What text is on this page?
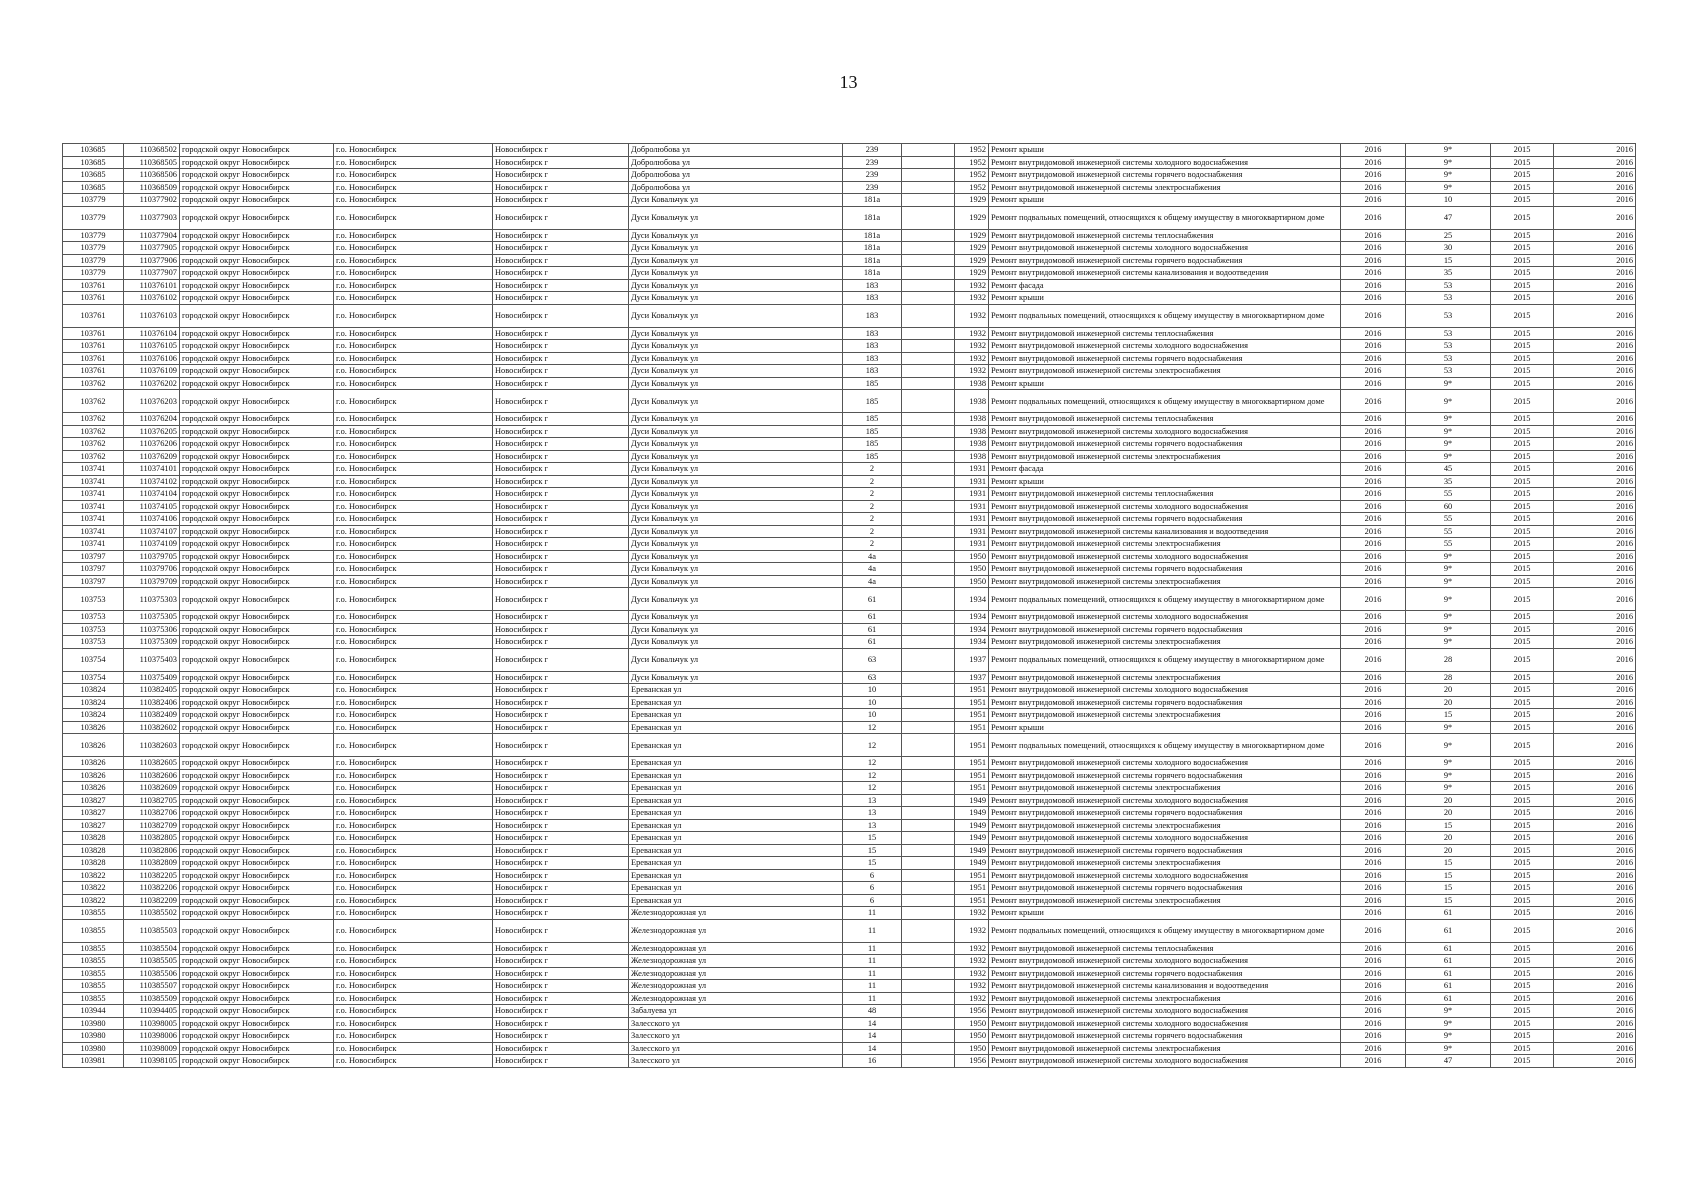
13
103685	110368502	городской округ Новосибирск	г.о. Новосибирск	Новосибирск г	Добролюбова ул	239		1952	Ремонт крыши	2016	9*	2015	2016
103685	110368505	городской округ Новосибирск	г.о. Новосибирск	Новосибирск г	Добролюбова ул	239		1952	Ремонт внутридомовой инженерной системы холодного водоснабжения	2016	9*	2015	2016
103685	110368506	городской округ Новосибирск	г.о. Новосибирск	Новосибирск г	Добролюбова ул	239		1952	Ремонт внутридомовой инженерной системы горячего водоснабжения	2016	9*	2015	2016
103685	110368509	городской округ Новосибирск	г.о. Новосибирск	Новосибирск г	Добролюбова ул	239		1952	Ремонт внутридомовой инженерной системы электроснабжения	2016	9*	2015	2016
103779	110377902	городской округ Новосибирск	г.о. Новосибирск	Новосибирск г	Дуси Ковальчук ул	181а		1929	Ремонт крыши	2016	10	2015	2016
103779	110377903	городской округ Новосибирск	г.о. Новосибирск	Новосибирск г	Дуси Ковальчук ул	181а		1929	Ремонт подвальных помещений, относящихся к общему имуществу в многоквартирном доме	2016	47	2015	2016
103779	110377904	городской округ Новосибирск	г.о. Новосибирск	Новосибирск г	Дуси Ковальчук ул	181а		1929	Ремонт внутридомовой инженерной системы теплоснабжения	2016	25	2015	2016
103779	110377905	городской округ Новосибирск	г.о. Новосибирск	Новосибирск г	Дуси Ковальчук ул	181а		1929	Ремонт внутридомовой инженерной системы холодного водоснабжения	2016	30	2015	2016
103779	110377906	городской округ Новосибирск	г.о. Новосибирск	Новосибирск г	Дуси Ковальчук ул	181а		1929	Ремонт внутридомовой инженерной системы горячего водоснабжения	2016	15	2015	2016
103779	110377907	городской округ Новосибирск	г.о. Новосибирск	Новосибирск г	Дуси Ковальчук ул	181а		1929	Ремонт внутридомовой инженерной системы канализования и водоотведения	2016	35	2015	2016
103761	110376101	городской округ Новосибирск	г.о. Новосибирск	Новосибирск г	Дуси Ковальчук ул	183		1932	Ремонт фасада	2016	53	2015	2016
103761	110376102	городской округ Новосибирск	г.о. Новосибирск	Новосибирск г	Дуси Ковальчук ул	183		1932	Ремонт крыши	2016	53	2015	2016
103761	110376103	городской округ Новосибирск	г.о. Новосибирск	Новосибирск г	Дуси Ковальчук ул	183		1932	Ремонт подвальных помещений, относящихся к общему имуществу в многоквартирном доме	2016	53	2015	2016
103761	110376104	городской округ Новосибирск	г.о. Новосибирск	Новосибирск г	Дуси Ковальчук ул	183		1932	Ремонт внутридомовой инженерной системы теплоснабжения	2016	53	2015	2016
103761	110376105	городской округ Новосибирск	г.о. Новосибирск	Новосибирск г	Дуси Ковальчук ул	183		1932	Ремонт внутридомовой инженерной системы холодного водоснабжения	2016	53	2015	2016
103761	110376106	городской округ Новосибирск	г.о. Новосибирск	Новосибирск г	Дуси Ковальчук ул	183		1932	Ремонт внутридомовой инженерной системы горячего водоснабжения	2016	53	2015	2016
103761	110376109	городской округ Новосибирск	г.о. Новосибирск	Новосибирск г	Дуси Ковальчук ул	183		1932	Ремонт внутридомовой инженерной системы электроснабжения	2016	53	2015	2016
103762	110376202	городской округ Новосибирск	г.о. Новосибирск	Новосибирск г	Дуси Ковальчук ул	185		1938	Ремонт крыши	2016	9*	2015	2016
103762	110376203	городской округ Новосибирск	г.о. Новосибирск	Новосибирск г	Дуси Ковальчук ул	185		1938	Ремонт подвальных помещений, относящихся к общему имуществу в многоквартирном доме	2016	9*	2015	2016
103762	110376204	городской округ Новосибирск	г.о. Новосибирск	Новосибирск г	Дуси Ковальчук ул	185		1938	Ремонт внутридомовой инженерной системы теплоснабжения	2016	9*	2015	2016
103762	110376205	городской округ Новосибирск	г.о. Новосибирск	Новосибирск г	Дуси Ковальчук ул	185		1938	Ремонт внутридомовой инженерной системы холодного водоснабжения	2016	9*	2015	2016
103762	110376206	городской округ Новосибирск	г.о. Новосибирск	Новосибирск г	Дуси Ковальчук ул	185		1938	Ремонт внутридомовой инженерной системы горячего водоснабжения	2016	9*	2015	2016
103762	110376209	городской округ Новосибирск	г.о. Новосибирск	Новосибирск г	Дуси Ковальчук ул	185		1938	Ремонт внутридомовой инженерной системы электроснабжения	2016	9*	2015	2016
103741	110374101	городской округ Новосибирск	г.о. Новосибирск	Новосибирск г	Дуси Ковальчук ул	2		1931	Ремонт фасада	2016	45	2015	2016
103741	110374102	городской округ Новосибирск	г.о. Новосибирск	Новосибирск г	Дуси Ковальчук ул	2		1931	Ремонт крыши	2016	35	2015	2016
103741	110374104	городской округ Новосибирск	г.о. Новосибирск	Новосибирск г	Дуси Ковальчук ул	2		1931	Ремонт внутридомовой инженерной системы теплоснабжения	2016	55	2015	2016
103741	110374105	городской округ Новосибирск	г.о. Новосибирск	Новосибирск г	Дуси Ковальчук ул	2		1931	Ремонт внутридомовой инженерной системы холодного водоснабжения	2016	60	2015	2016
103741	110374106	городской округ Новосибирск	г.о. Новосибирск	Новосибирск г	Дуси Ковальчук ул	2		1931	Ремонт внутридомовой инженерной системы горячего водоснабжения	2016	55	2015	2016
103741	110374107	городской округ Новосибирск	г.о. Новосибирск	Новосибирск г	Дуси Ковальчук ул	2		1931	Ремонт внутридомовой инженерной системы канализования и водоотведения	2016	55	2015	2016
103741	110374109	городской округ Новосибирск	г.о. Новосибирск	Новосибирск г	Дуси Ковальчук ул	2		1931	Ремонт внутридомовой инженерной системы электроснабжения	2016	55	2015	2016
103797	110379705	городской округ Новосибирск	г.о. Новосибирск	Новосибирск г	Дуси Ковальчук ул	4а		1950	Ремонт внутридомовой инженерной системы холодного водоснабжения	2016	9*	2015	2016
103797	110379706	городской округ Новосибирск	г.о. Новосибирск	Новосибирск г	Дуси Ковальчук ул	4а		1950	Ремонт внутридомовой инженерной системы горячего водоснабжения	2016	9*	2015	2016
103797	110379709	городской округ Новосибирск	г.о. Новосибирск	Новосибирск г	Дуси Ковальчук ул	4а		1950	Ремонт внутридомовой инженерной системы электроснабжения	2016	9*	2015	2016
103753	110375303	городской округ Новосибирск	г.о. Новосибирск	Новосибирск г	Дуси Ковальчук ул	61		1934	Ремонт подвальных помещений, относящихся к общему имуществу в многоквартирном доме	2016	9*	2015	2016
103753	110375305	городской округ Новосибирск	г.о. Новосибирск	Новосибирск г	Дуси Ковальчук ул	61		1934	Ремонт внутридомовой инженерной системы холодного водоснабжения	2016	9*	2015	2016
103753	110375306	городской округ Новосибирск	г.о. Новосибирск	Новосибирск г	Дуси Ковальчук ул	61		1934	Ремонт внутридомовой инженерной системы горячего водоснабжения	2016	9*	2015	2016
103753	110375309	городской округ Новосибирск	г.о. Новосибирск	Новосибирск г	Дуси Ковальчук ул	61		1934	Ремонт внутридомовой инженерной системы электроснабжения	2016	9*	2015	2016
103754	110375403	городской округ Новосибирск	г.о. Новосибирск	Новосибирск г	Дуси Ковальчук ул	63		1937	Ремонт подвальных помещений, относящихся к общему имуществу в многоквартирном доме	2016	28	2015	2016
103754	110375409	городской округ Новосибирск	г.о. Новосибирск	Новосибирск г	Дуси Ковальчук ул	63		1937	Ремонт внутридомовой инженерной системы электроснабжения	2016	28	2015	2016
103824	110382405	городской округ Новосибирск	г.о. Новосибирск	Новосибирск г	Ереванская ул	10		1951	Ремонт внутридомовой инженерной системы холодного водоснабжения	2016	20	2015	2016
103824	110382406	городской округ Новосибирск	г.о. Новосибирск	Новосибирск г	Ереванская ул	10		1951	Ремонт внутридомовой инженерной системы горячего водоснабжения	2016	20	2015	2016
103824	110382409	городской округ Новосибирск	г.о. Новосибирск	Новосибирск г	Ереванская ул	10		1951	Ремонт внутридомовой инженерной системы электроснабжения	2016	15	2015	2016
103826	110382602	городской округ Новосибирск	г.о. Новосибирск	Новосибирск г	Ереванская ул	12		1951	Ремонт крыши	2016	9*	2015	2016
103826	110382603	городской округ Новосибирск	г.о. Новосибирск	Новосибирск г	Ереванская ул	12		1951	Ремонт подвальных помещений, относящихся к общему имуществу в многоквартирном доме	2016	9*	2015	2016
103826	110382605	городской округ Новосибирск	г.о. Новосибирск	Новосибирск г	Ереванская ул	12		1951	Ремонт внутридомовой инженерной системы холодного водоснабжения	2016	9*	2015	2016
103826	110382606	городской округ Новосибирск	г.о. Новосибирск	Новосибирск г	Ереванская ул	12		1951	Ремонт внутридомовой инженерной системы горячего водоснабжения	2016	9*	2015	2016
103826	110382609	городской округ Новосибирск	г.о. Новосибирск	Новосибирск г	Ереванская ул	12		1951	Ремонт внутридомовой инженерной системы электроснабжения	2016	9*	2015	2016
103827	110382705	городской округ Новосибирск	г.о. Новосибирск	Новосибирск г	Ереванская ул	13		1949	Ремонт внутридомовой инженерной системы холодного водоснабжения	2016	20	2015	2016
103827	110382706	городской округ Новосибирск	г.о. Новосибирск	Новосибирск г	Ереванская ул	13		1949	Ремонт внутридомовой инженерной системы горячего водоснабжения	2016	20	2015	2016
103827	110382709	городской округ Новосибирск	г.о. Новосибирск	Новосибирск г	Ереванская ул	13		1949	Ремонт внутридомовой инженерной системы электроснабжения	2016	15	2015	2016
103828	110382805	городской округ Новосибирск	г.о. Новосибирск	Новосибирск г	Ереванская ул	15		1949	Ремонт внутридомовой инженерной системы холодного водоснабжения	2016	20	2015	2016
103828	110382806	городской округ Новосибирск	г.о. Новосибирск	Новосибирск г	Ереванская ул	15		1949	Ремонт внутридомовой инженерной системы горячего водоснабжения	2016	20	2015	2016
103828	110382809	городской округ Новосибирск	г.о. Новосибирск	Новосибирск г	Ереванская ул	15		1949	Ремонт внутридомовой инженерной системы электроснабжения	2016	15	2015	2016
103822	110382205	городской округ Новосибирск	г.о. Новосибирск	Новосибирск г	Ереванская ул	6		1951	Ремонт внутридомовой инженерной системы холодного водоснабжения	2016	15	2015	2016
103822	110382206	городской округ Новосибирск	г.о. Новосибирск	Новосибирск г	Ереванская ул	6		1951	Ремонт внутридомовой инженерной системы горячего водоснабжения	2016	15	2015	2016
103822	110382209	городской округ Новосибирск	г.о. Новосибирск	Новосибирск г	Ереванская ул	6		1951	Ремонт внутридомовой инженерной системы электроснабжения	2016	15	2015	2016
103855	110385502	городской округ Новосибирск	г.о. Новосибирск	Новосибирск г	Железнодорожная ул	11		1932	Ремонт крыши	2016	61	2015	2016
103855	110385503	городской округ Новосибирск	г.о. Новосибирск	Новосибирск г	Железнодорожная ул	11		1932	Ремонт подвальных помещений, относящихся к общему имуществу в многоквартирном доме	2016	61	2015	2016
103855	110385504	городской округ Новосибирск	г.о. Новосибирск	Новосибирск г	Железнодорожная ул	11		1932	Ремонт внутридомовой инженерной системы теплоснабжения	2016	61	2015	2016
103855	110385505	городской округ Новосибирск	г.о. Новосибирск	Новосибирск г	Железнодорожная ул	11		1932	Ремонт внутридомовой инженерной системы холодного водоснабжения	2016	61	2015	2016
103855	110385506	городской округ Новосибирск	г.о. Новосибирск	Новосибирск г	Железнодорожная ул	11		1932	Ремонт внутридомовой инженерной системы горячего водоснабжения	2016	61	2015	2016
103855	110385507	городской округ Новосибирск	г.о. Новосибирск	Новосибирск г	Железнодорожная ул	11		1932	Ремонт внутридомовой инженерной системы канализования и водоотведения	2016	61	2015	2016
103855	110385509	городской округ Новосибирск	г.о. Новосибирск	Новосибирск г	Железнодорожная ул	11		1932	Ремонт внутридомовой инженерной системы электроснабжения	2016	61	2015	2016
103944	110394405	городской округ Новосибирск	г.о. Новосибирск	Новосибирск г	Забалуева ул	48		1956	Ремонт внутридомовой инженерной системы холодного водоснабжения	2016	9*	2015	2016
103980	110398005	городской округ Новосибирск	г.о. Новосибирск	Новосибирск г	Залесского ул	14		1950	Ремонт внутридомовой инженерной системы холодного водоснабжения	2016	9*	2015	2016
103980	110398006	городской округ Новосибирск	г.о. Новосибирск	Новосибирск г	Залесского ул	14		1950	Ремонт внутридомовой инженерной системы горячего водоснабжения	2016	9*	2015	2016
103980	110398009	городской округ Новосибирск	г.о. Новосибирск	Новосибирск г	Залесского ул	14		1950	Ремонт внутридомовой инженерной системы электроснабжения	2016	9*	2015	2016
103981	110398105	городской округ Новосибирск	г.о. Новосибирск	Новосибирск г	Залесского ул	16		1956	Ремонт внутридомовой инженерной системы холодного водоснабжения	2016	47	2015	2016
